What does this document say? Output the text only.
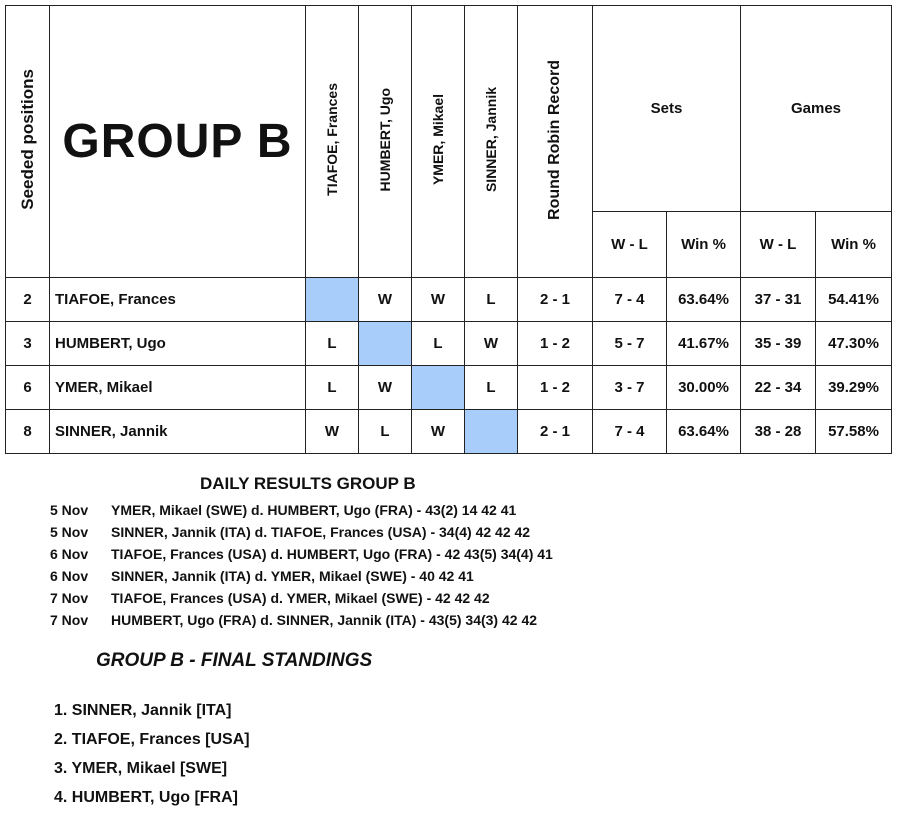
Seeded positions	GROUP B	TIAFOE, Frances	HUMBERT, Ugo	YMER, Mikael	SINNER, Jannik	Round Robin Record	Sets		Games	
							W - L	Win %	W - L	Win %
2	TIAFOE, Frances		W	W	L	2 - 1	7 - 4	63.64%	37 - 31	54.41%
3	HUMBERT, Ugo	L		L	W	1 - 2	5 - 7	41.67%	35 - 39	47.30%
6	YMER, Mikael	L	W		L	1 - 2	3 - 7	30.00%	22 - 34	39.29%
8	SINNER, Jannik	W	L	W		2 - 1	7 - 4	63.64%	38 - 28	57.58%
DAILY RESULTS GROUP B
5 Nov	YMER, Mikael (SWE) d. HUMBERT, Ugo (FRA) - 43(2) 14 42 41
5 Nov	SINNER, Jannik (ITA) d. TIAFOE, Frances (USA) - 34(4) 42 42 42
6 Nov	TIAFOE, Frances (USA) d. HUMBERT, Ugo (FRA) - 42 43(5) 34(4) 41
6 Nov	SINNER, Jannik (ITA) d. YMER, Mikael (SWE) - 40 42 41
7 Nov	TIAFOE, Frances (USA) d. YMER, Mikael (SWE) - 42 42 42
7 Nov	HUMBERT, Ugo (FRA) d. SINNER, Jannik (ITA) - 43(5) 34(3) 42 42
GROUP B - FINAL STANDINGS
1. SINNER, Jannik [ITA]
2. TIAFOE, Frances [USA]
3. YMER, Mikael [SWE]
4. HUMBERT, Ugo [FRA]
